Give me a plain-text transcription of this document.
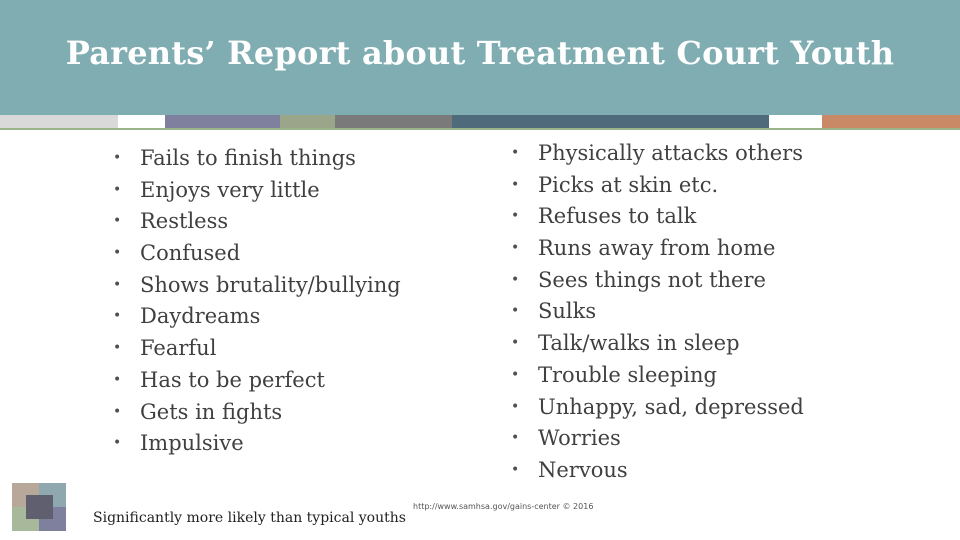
Parents’ Report about Treatment Court Youth
• Fails to finish things
• Enjoys very little
• Restless
• Confused
• Shows brutality/bullying
• Daydreams
• Fearful
• Has to be perfect
• Gets in fights
• Impulsive
• Physically attacks others
• Picks at skin etc.
• Refuses to talk
• Runs away from home
• Sees things not there
• Sulks
• Talk/walks in sleep
• Trouble sleeping
• Unhappy, sad, depressed
• Worries
• Nervous
Significantly more likely than typical youths
http://www.samhsa.gov/gains-center © 2016
